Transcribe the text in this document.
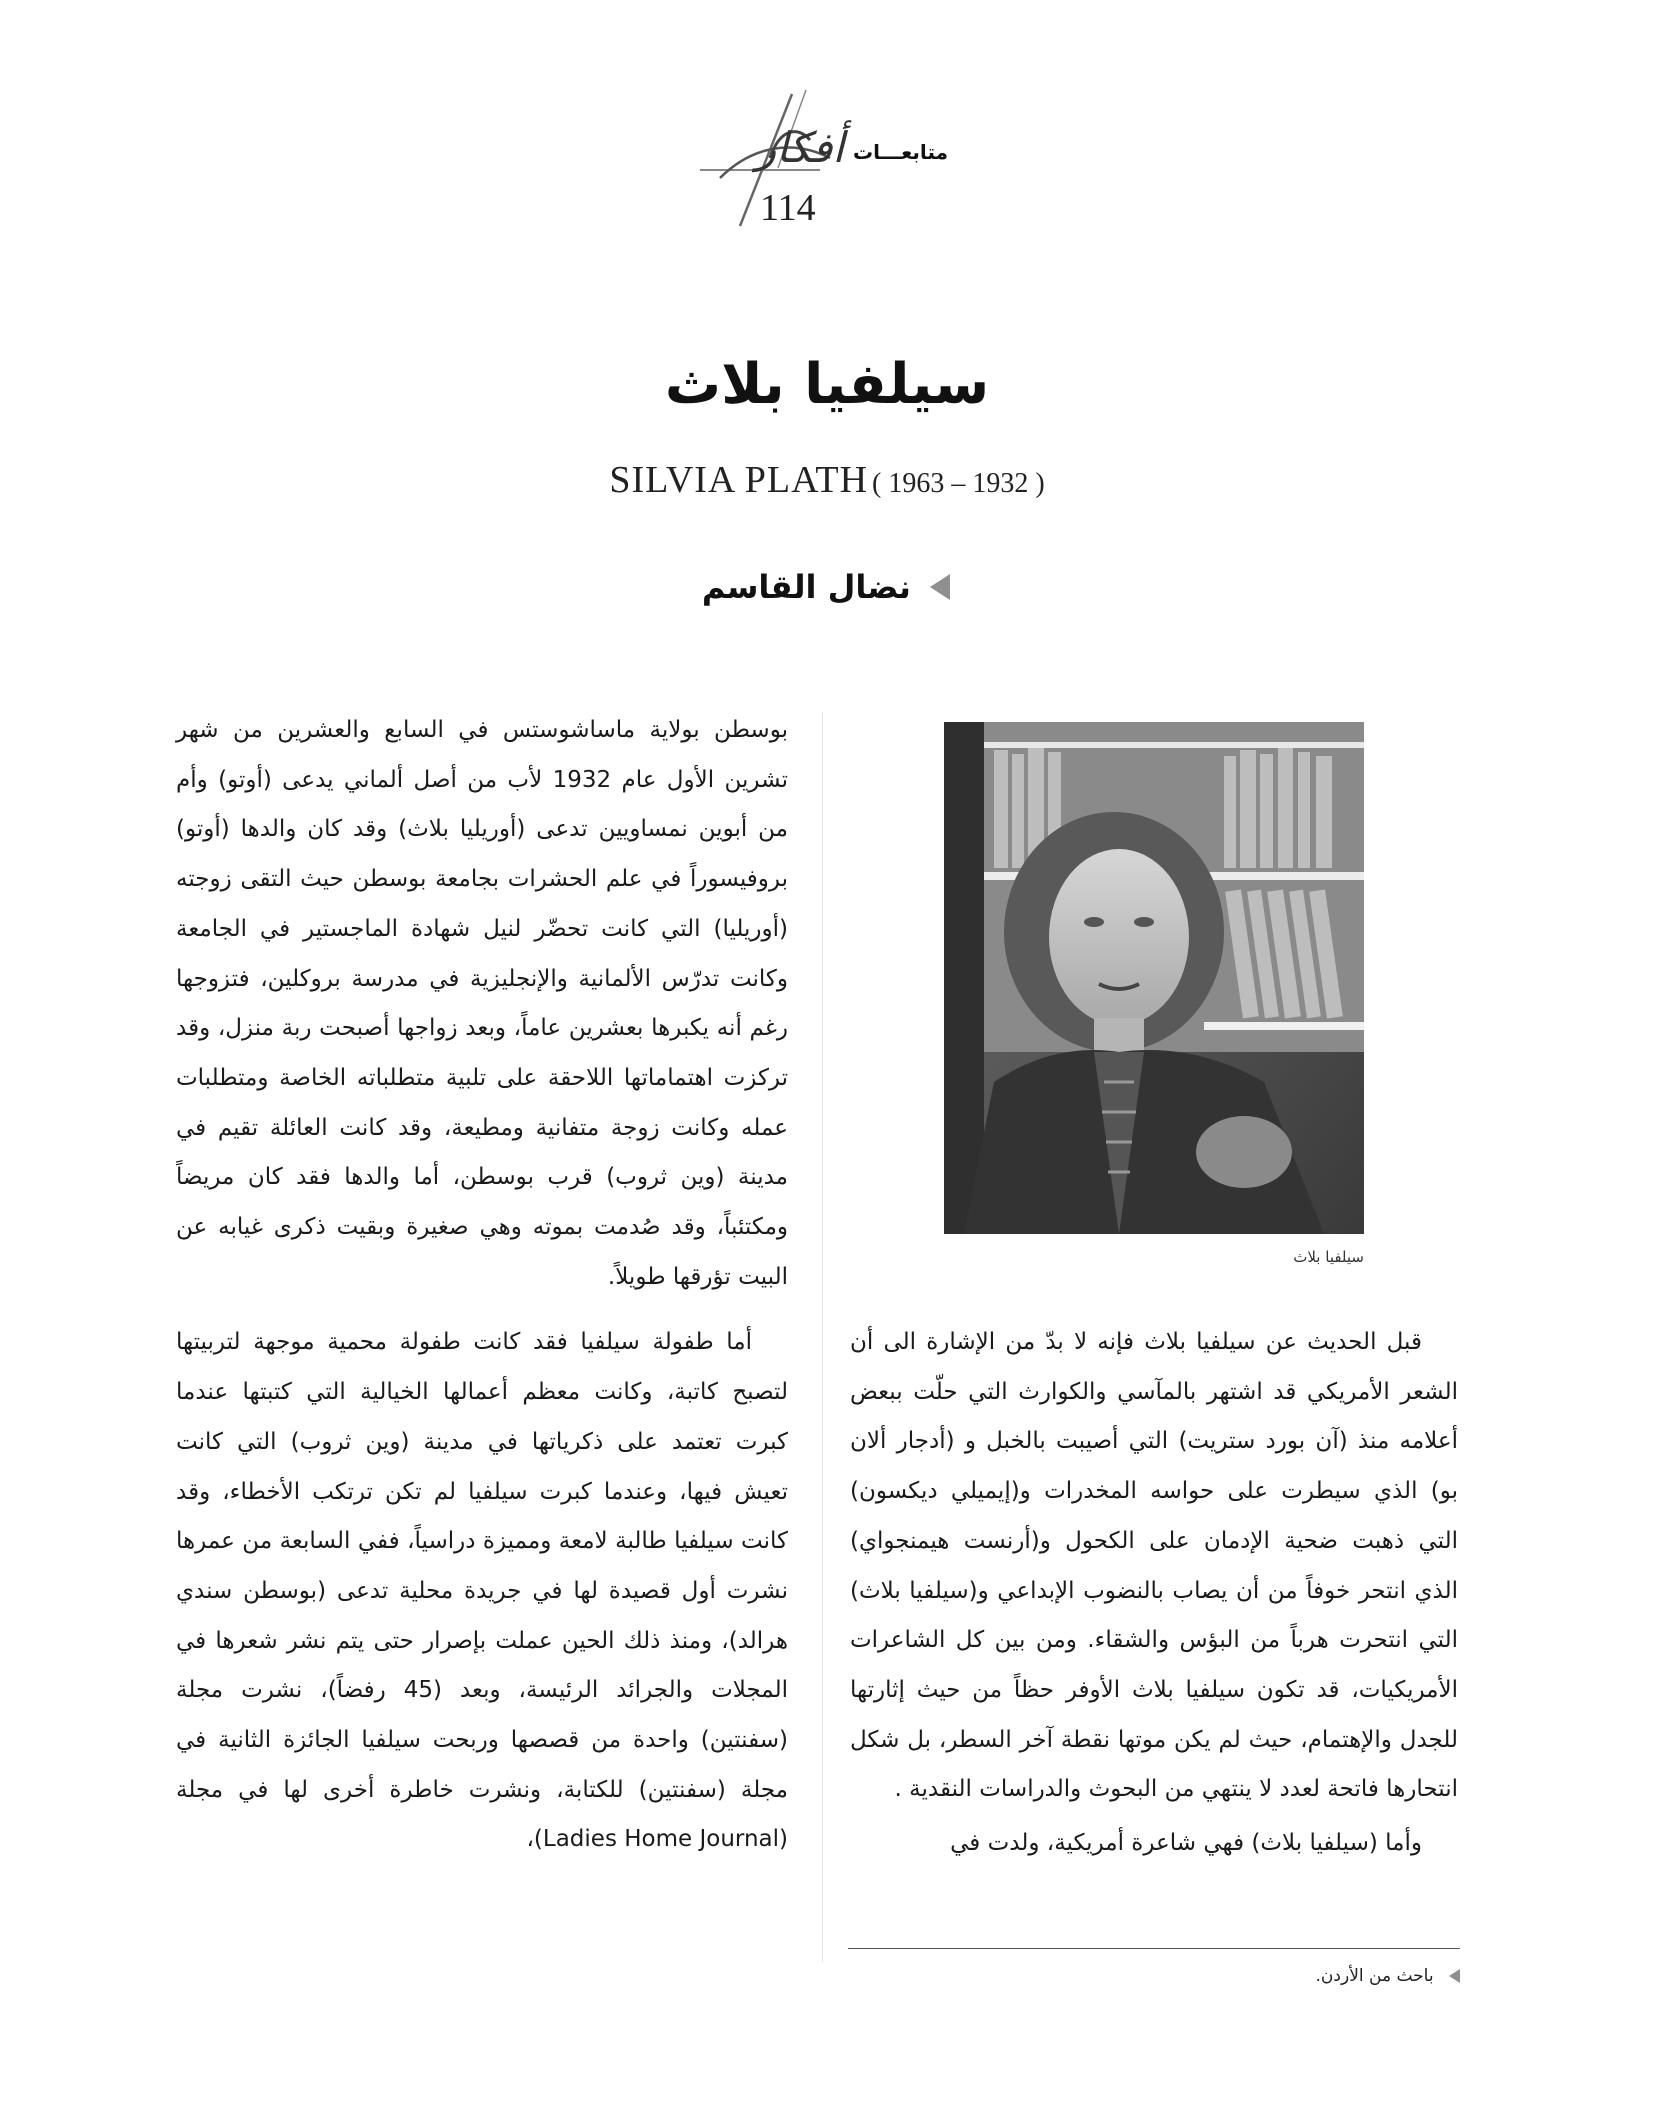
أفكار متابعـــات
114
سيلفيا بلاث
SILVIA PLATH ( 1963 – 1932 )
نضال القاسم
سيلفيا بلاث

بوسطن بولاية ماساشوستس في السابع والعشرين من شهر تشرين الأول عام 1932 لأب من أصل ألماني يدعى (أوتو) وأم من أبوين نمساويين تدعى (أوريليا بلاث) وقد كان والدها (أوتو) بروفيسوراً في علم الحشرات بجامعة بوسطن حيث التقى زوجته (أوريليا) التي كانت تحضّر لنيل شهادة الماجستير في الجامعة وكانت تدرّس الألمانية والإنجليزية في مدرسة بروكلين، فتزوجها رغم أنه يكبرها بعشرين عاماً، وبعد زواجها أصبحت ربة منزل، وقد تركزت اهتماماتها اللاحقة على تلبية متطلباته الخاصة ومتطلبات عمله وكانت زوجة متفانية ومطيعة، وقد كانت العائلة تقيم في مدينة (وين ثروب) قرب بوسطن، أما والدها فقد كان مريضاً ومكتئباً، وقد صُدمت بموته وهي صغيرة وبقيت ذكرى غيابه عن البيت تؤرقها طويلاً.

أما طفولة سيلفيا فقد كانت طفولة محمية موجهة لتربيتها لتصبح كاتبة، وكانت معظم أعمالها الخيالية التي كتبتها عندما كبرت تعتمد على ذكرياتها في مدينة (وين ثروب) التي كانت تعيش فيها، وعندما كبرت سيلفيا لم تكن ترتكب الأخطاء، وقد كانت سيلفيا طالبة لامعة ومميزة دراسياً، ففي السابعة من عمرها نشرت أول قصيدة لها في جريدة محلية تدعى (بوسطن سندي هرالد)، ومنذ ذلك الحين عملت بإصرار حتى يتم نشر شعرها في المجلات والجرائد الرئيسة، وبعد (45 رفضاً)، نشرت مجلة (سفنتين) واحدة من قصصها وربحت سيلفيا الجائزة الثانية في مجلة (سفنتين) للكتابة، ونشرت خاطرة أخرى لها في مجلة (Ladies Home Journal)،

قبل الحديث عن سيلفيا بلاث فإنه لا بدّ من الإشارة الى أن الشعر الأمريكي قد اشتهر بالمآسي والكوارث التي حلّت ببعض أعلامه منذ (آن بورد ستريت) التي أصيبت بالخبل و (أدجار ألان بو) الذي سيطرت على حواسه المخدرات و(إيميلي ديكسون) التي ذهبت ضحية الإدمان على الكحول و(أرنست هيمنجواي) الذي انتحر خوفاً من أن يصاب بالنضوب الإبداعي و(سيلفيا بلاث) التي انتحرت هرباً من البؤس والشقاء. ومن بين كل الشاعرات الأمريكيات، قد تكون سيلفيا بلاث الأوفر حظاً من حيث إثارتها للجدل والإهتمام، حيث لم يكن موتها نقطة آخر السطر، بل شكل انتحارها فاتحة لعدد لا ينتهي من البحوث والدراسات النقدية .

وأما (سيلفيا بلاث) فهي شاعرة أمريكية، ولدت في

باحث من الأردن.
